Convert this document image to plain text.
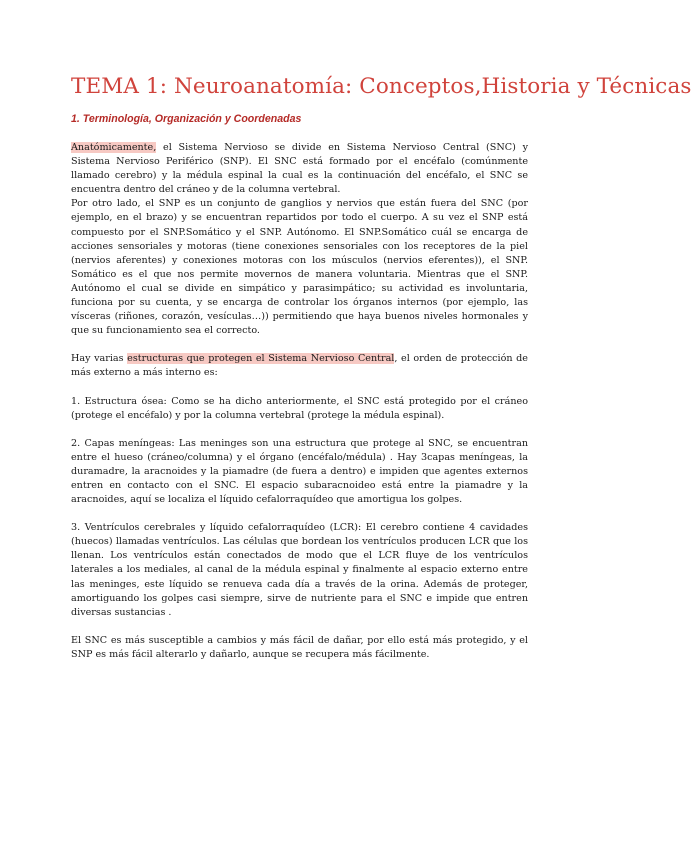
TEMA 1: Neuroanatomía: Conceptos,Historia y Técnicas
1. Terminología, Organización y Coordenadas

Anatómicamente, el Sistema Nervioso se divide en Sistema Nervioso Central (SNC) y Sistema Nervioso Periférico (SNP). El SNC está formado por el encéfalo (comúnmente llamado cerebro) y la médula espinal la cual es la continuación del encéfalo, el SNC se encuentra dentro del cráneo y de la columna vertebral.

Por otro lado, el SNP es un conjunto de ganglios y nervios que están fuera del SNC (por ejemplo, en el brazo) y se encuentran repartidos por todo el cuerpo. A su vez el SNP está compuesto por el SNP.Somático y el SNP. Autónomo. El SNP.Somático cuál se encarga de acciones sensoriales y motoras (tiene conexiones sensoriales con los receptores de la piel (nervios aferentes) y conexiones motoras con los músculos (nervios eferentes)), el SNP. Somático es el que nos permite movernos de manera voluntaria. Mientras que el SNP. Autónomo el cual se divide en simpático y parasimpático; su actividad es involuntaria, funciona por su cuenta, y se encarga de controlar los órganos internos (por ejemplo, las vísceras (riñones, corazón, vesículas…)) permitiendo que haya buenos niveles hormonales y que su funcionamiento sea el correcto.

Hay varias estructuras que protegen el Sistema Nervioso Central, el orden de protección de más externo a más interno es:

1. Estructura ósea: Como se ha dicho anteriormente, el SNC está protegido por el cráneo (protege el encéfalo) y por la columna vertebral (protege la médula espinal).

2. Capas meníngeas: Las meninges son una estructura que protege al SNC, se encuentran entre el hueso (cráneo/columna) y el órgano (encéfalo/médula) . Hay 3capas meníngeas, la duramadre, la aracnoides y la piamadre (de fuera a dentro) e impiden que agentes externos entren en contacto con el SNC. El espacio subaracnoideo está entre la piamadre y la aracnoides, aquí se localiza el líquido cefalorraquídeo que amortigua los golpes.

3. Ventrículos cerebrales y líquido cefalorraquídeo (LCR): El cerebro contiene 4 cavidades (huecos) llamadas ventrículos. Las células que bordean los ventrículos producen LCR que los llenan. Los ventrículos están conectados de modo que el LCR fluye de los ventrículos laterales a los mediales, al canal de la médula espinal y finalmente al espacio externo entre las meninges, este líquido se renueva cada día a través de la orina. Además de proteger, amortiguando los golpes casi siempre, sirve de nutriente para el SNC e impide que entren diversas sustancias .

El SNC es más susceptible a cambios y más fácil de dañar, por ello está más protegido, y el SNP es más fácil alterarlo y dañarlo, aunque se recupera más fácilmente.
